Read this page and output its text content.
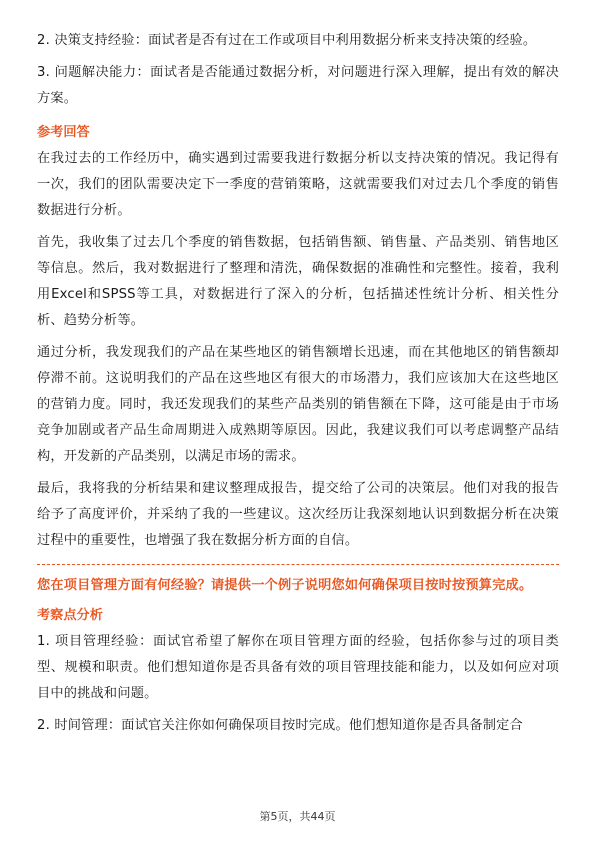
2. 决策支持经验：面试者是否有过在工作或项目中利用数据分析来支持决策的经验。

3. 问题解决能力：面试者是否能通过数据分析，对问题进行深入理解，提出有效的解决方案。

参考回答

在我过去的工作经历中，确实遇到过需要我进行数据分析以支持决策的情况。我记得有一次，我们的团队需要决定下一季度的营销策略，这就需要我们对过去几个季度的销售数据进行分析。

首先，我收集了过去几个季度的销售数据，包括销售额、销售量、产品类别、销售地区等信息。然后，我对数据进行了整理和清洗，确保数据的准确性和完整性。接着，我利用Excel和SPSS等工具，对数据进行了深入的分析，包括描述性统计分析、相关性分析、趋势分析等。

通过分析，我发现我们的产品在某些地区的销售额增长迅速，而在其他地区的销售额却停滞不前。这说明我们的产品在这些地区有很大的市场潜力，我们应该加大在这些地区的营销力度。同时，我还发现我们的某些产品类别的销售额在下降，这可能是由于市场竞争加剧或者产品生命周期进入成熟期等原因。因此，我建议我们可以考虑调整产品结构，开发新的产品类别，以满足市场的需求。

最后，我将我的分析结果和建议整理成报告，提交给了公司的决策层。他们对我的报告给予了高度评价，并采纳了我的一些建议。这次经历让我深刻地认识到数据分析在决策过程中的重要性，也增强了我在数据分析方面的自信。

您在项目管理方面有何经验？请提供一个例子说明您如何确保项目按时按预算完成。

考察点分析

1. 项目管理经验：面试官希望了解你在项目管理方面的经验，包括你参与过的项目类型、规模和职责。他们想知道你是否具备有效的项目管理技能和能力，以及如何应对项目中的挑战和问题。

2. 时间管理：面试官关注你如何确保项目按时完成。他们想知道你是否具备制定合

第5页，共44页
